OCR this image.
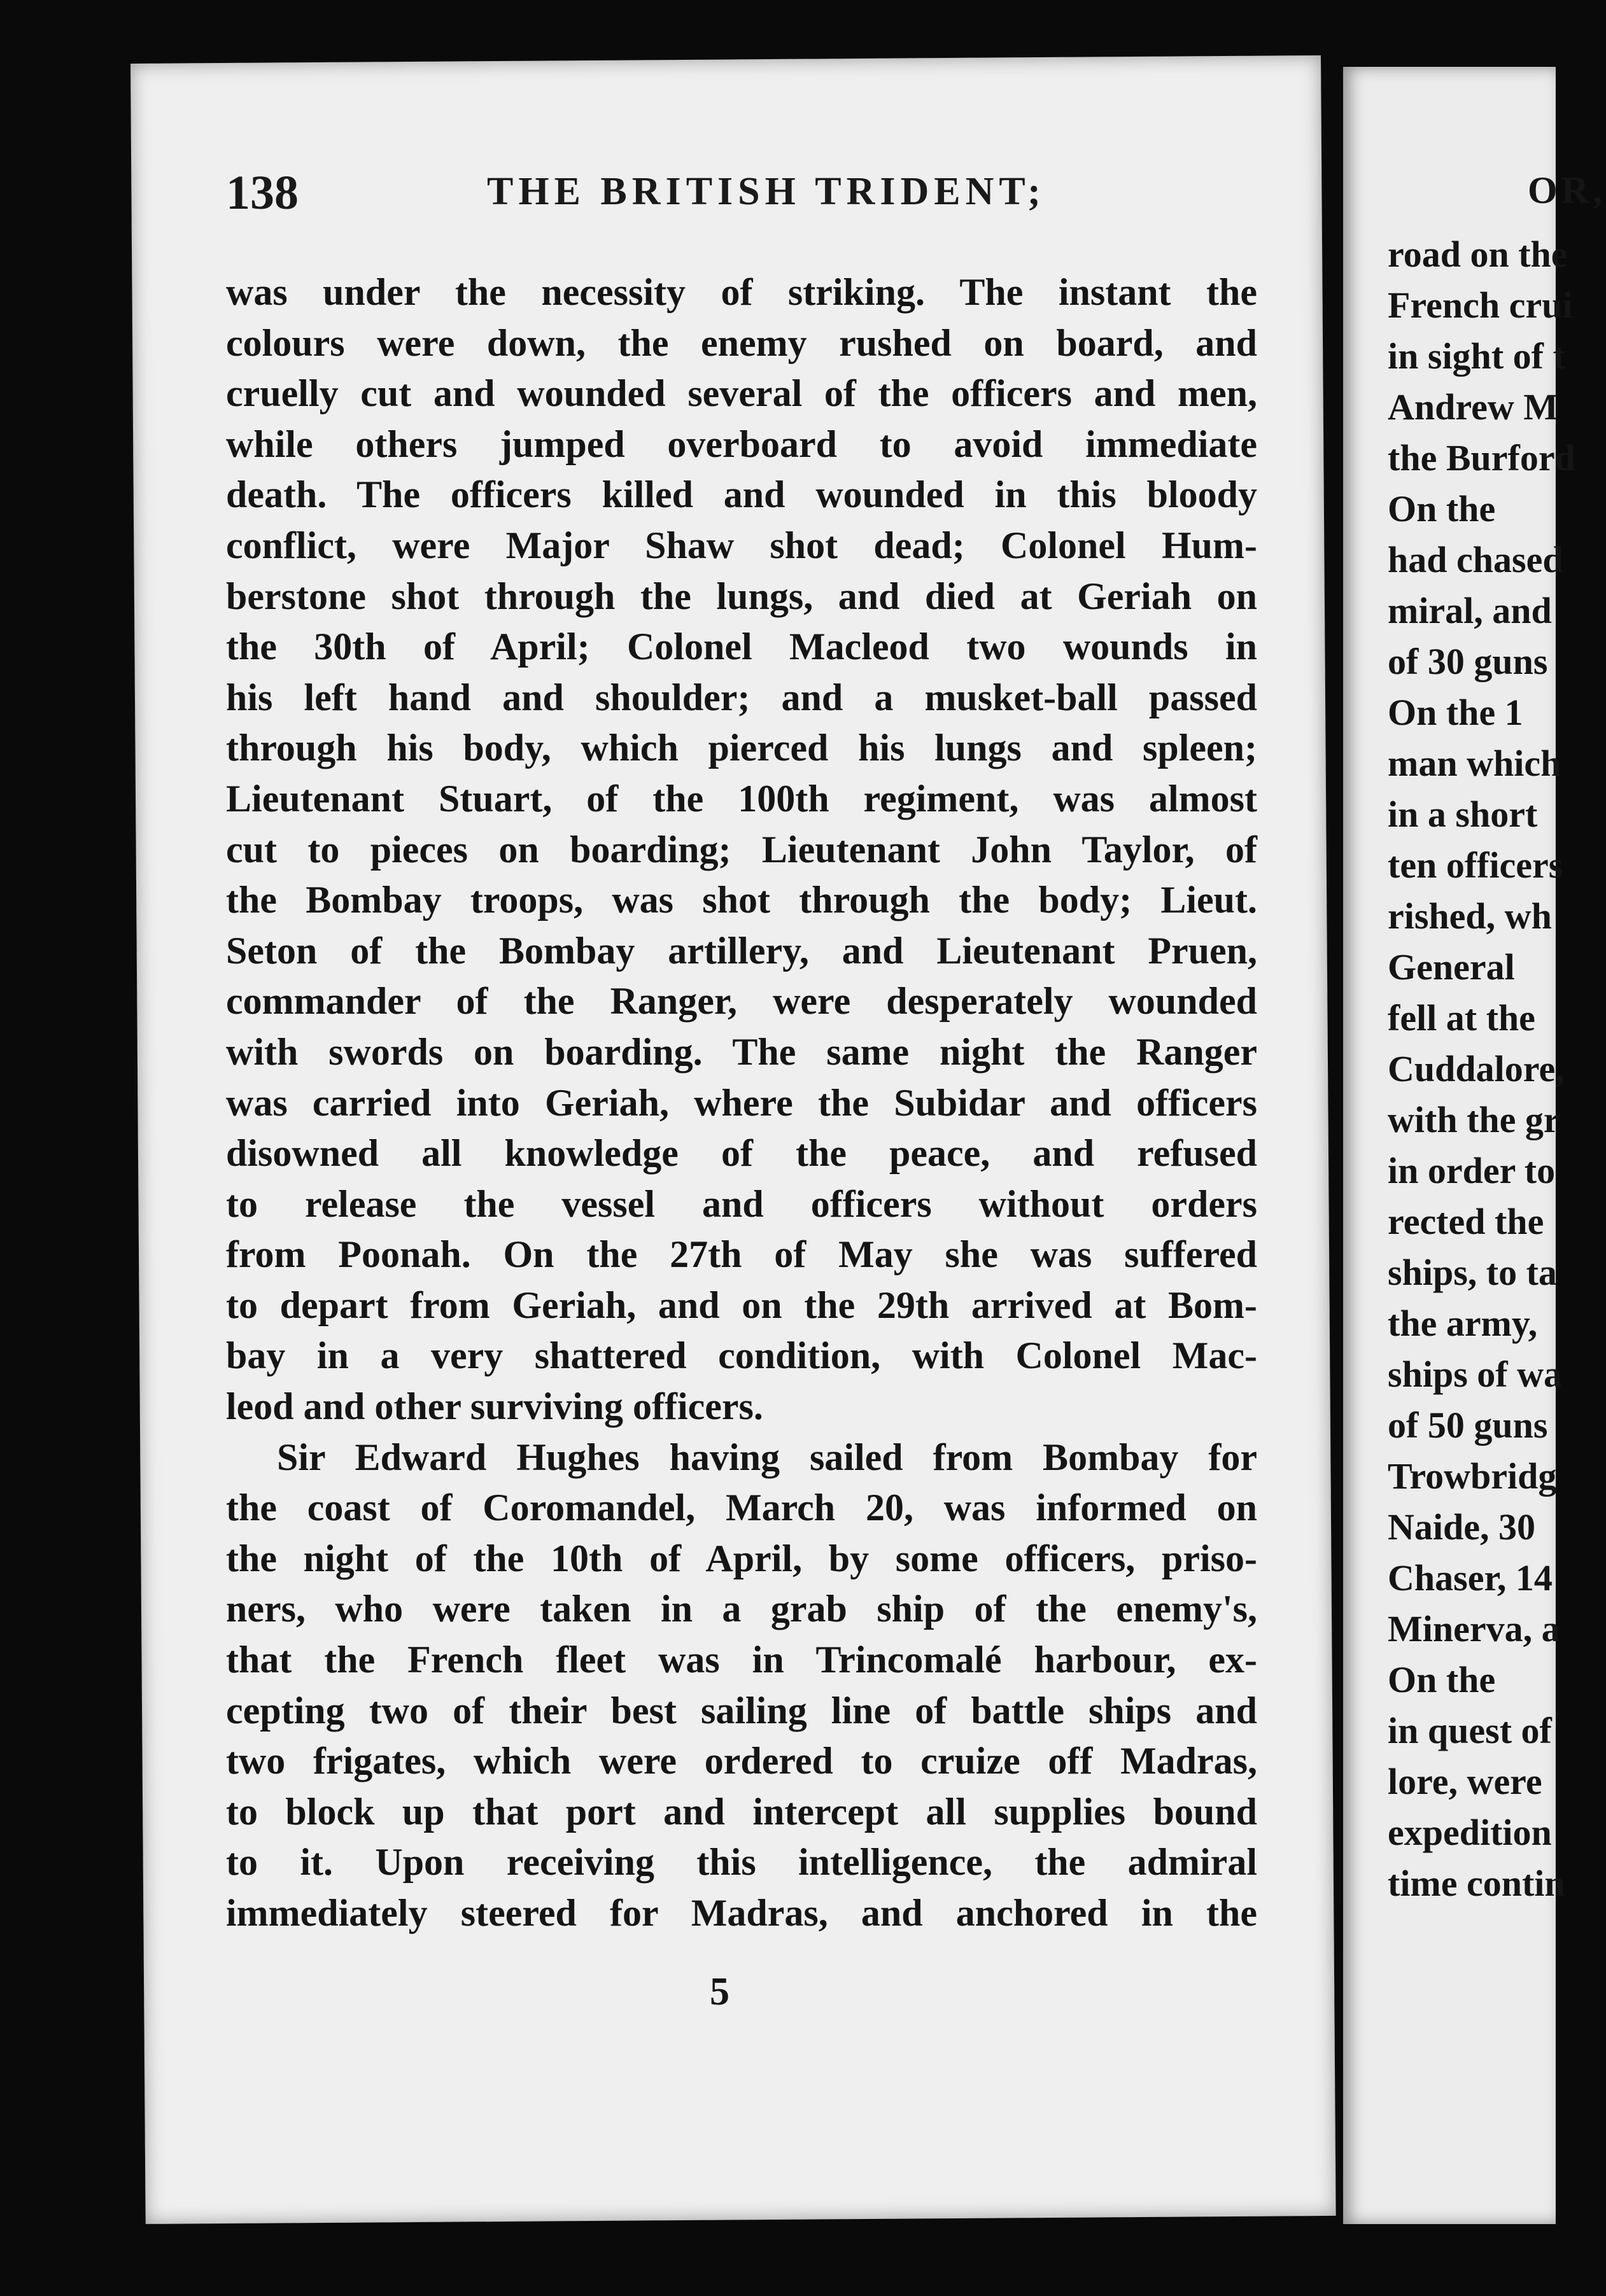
138	THE BRITISH TRIDENT;
was under the necessity of striking. The instant the
colours were down, the enemy rushed on board, and
cruelly cut and wounded several of the officers and men,
while others jumped overboard to avoid immediate
death. The officers killed and wounded in this bloody
conflict, were Major Shaw shot dead; Colonel Hum-
berstone shot through the lungs, and died at Geriah on
the 30th of April; Colonel Macleod two wounds in
his left hand and shoulder; and a musket-ball passed
through his body, which pierced his lungs and spleen;
Lieutenant Stuart, of the 100th regiment, was almost
cut to pieces on boarding; Lieutenant John Taylor, of
the Bombay troops, was shot through the body; Lieut.
Seton of the Bombay artillery, and Lieutenant Pruen,
commander of the Ranger, were desperately wounded
with swords on boarding. The same night the Ranger
was carried into Geriah, where the Subidar and officers
disowned all knowledge of the peace, and refused
to release the vessel and officers without orders
from Poonah. On the 27th of May she was suffered
to depart from Geriah, and on the 29th arrived at Bom-
bay in a very shattered condition, with Colonel Mac-
leod and other surviving officers.
Sir Edward Hughes having sailed from Bombay for
the coast of Coromandel, March 20, was informed on
the night of the 10th of April, by some officers, priso-
ners, who were taken in a grab ship of the enemy's,
that the French fleet was in Trincomalé harbour, ex-
cepting two of their best sailing line of battle ships and
two frigates, which were ordered to cruize off Madras,
to block up that port and intercept all supplies bound
to it. Upon receiving this intelligence, the admiral
immediately steered for Madras, and anchored in the
5
OR,
road on the
French crui
in sight of t
Andrew M
the Burford
On the
had chased
miral, and
of 30 guns
On the 1
man which
in a short
ten officers
rished, wh
General
fell at the
Cuddalore,
with the gr
in order to
rected the
ships, to ta
the army,
ships of wa
of 50 guns
Trowbridg
Naide, 30
Chaser, 14
Minerva, a
On the
in quest of
lore, were
expedition
time contin
